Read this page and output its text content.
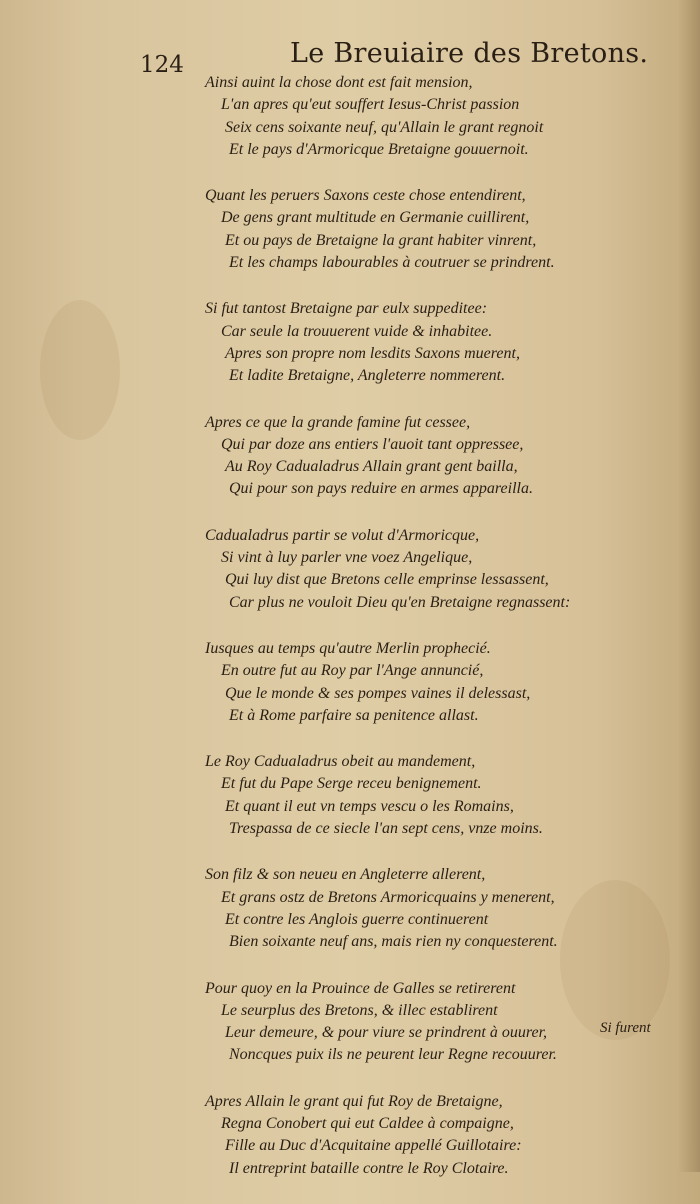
124	Le Breuiaire des Bretons.
Ainsi auint la chose dont est fait mension,
L'an apres qu'eut souffert Iesus-Christ passion
Seix cens soixante neuf, qu'Allain le grant regnoit
Et le pays d'Armoricque Bretaigne gouuernoit.
Quant les peruers Saxons ceste chose entendirent,
De gens grant multitude en Germanie cuillirent,
Et ou pays de Bretaigne la grant habiter vinrent,
Et les champs labourables à coutruer se prindrent.
Si fut tantost Bretaigne par eulx suppeditee:
Car seule la trouuerent vuide & inhabitee.
Apres son propre nom lesdits Saxons muerent,
Et ladite Bretaigne, Angleterre nommerent.
Apres ce que la grande famine fut cessee,
Qui par doze ans entiers l'auoit tant oppressee,
Au Roy Cadualadrus Allain grant gent bailla,
Qui pour son pays reduire en armes appareilla.
Cadualadrus partir se volut d'Armoricque,
Si vint à luy parler vne voez Angelique,
Qui luy dist que Bretons celle emprinse lessassent,
Car plus ne vouloit Dieu qu'en Bretaigne regnassent:
Iusques au temps qu'autre Merlin prophecié.
En outre fut au Roy par l'Ange annuncié,
Que le monde & ses pompes vaines il delessast,
Et à Rome parfaire sa penitence allast.
Le Roy Cadualadrus obeit au mandement,
Et fut du Pape Serge receu benignement.
Et quant il eut vn temps vescu o les Romains,
Trespassa de ce siecle l'an sept cens, vnze moins.
Son filz & son neueu en Angleterre allerent,
Et grans ostz de Bretons Armoricquains y menerent,
Et contre les Anglois guerre continuerent
Bien soixante neuf ans, mais rien ny conquesterent.
Pour quoy en la Prouince de Galles se retirerent
Le seurplus des Bretons, & illec establirent
Leur demeure, & pour viure se prindrent à ouurer,
Noncques puix ils ne peurent leur Regne recouurer.
Apres Allain le grant qui fut Roy de Bretaigne,
Regna Conobert qui eut Caldee à compaigne,
Fille au Duc d'Acquitaine appellé Guillotaire:
Il entreprint bataille contre le Roy Clotaire.
Si furent
